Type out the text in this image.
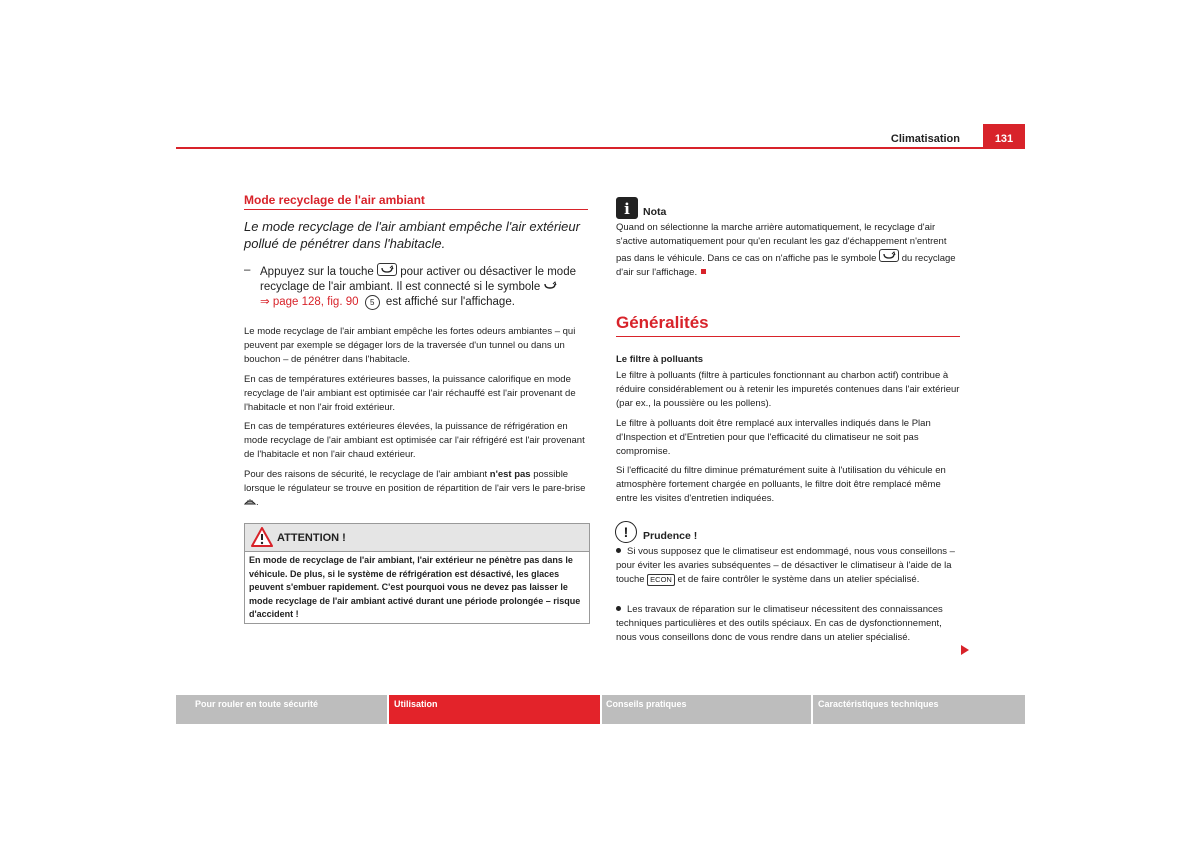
Climatisation	131
Mode recyclage de l'air ambiant
Le mode recyclage de l'air ambiant empêche l'air extérieur pollué de pénétrer dans l'habitacle.
– Appuyez sur la touche pour activer ou désactiver le mode recyclage de l'air ambiant. Il est connecté si le symbole
⇒ page 128, fig. 90 5 est affiché sur l'affichage.
Le mode recyclage de l'air ambiant empêche les fortes odeurs ambiantes – qui peuvent par exemple se dégager lors de la traversée d'un tunnel ou dans un bouchon – de pénétrer dans l'habitacle.
En cas de températures extérieures basses, la puissance calorifique en mode recyclage de l'air ambiant est optimisée car l'air réchauffé est l'air provenant de l'habitacle et non l'air froid extérieur.
En cas de températures extérieures élevées, la puissance de réfrigération en mode recyclage de l'air ambiant est optimisée car l'air réfrigéré est l'air provenant de l'habitacle et non l'air chaud extérieur.
Pour des raisons de sécurité, le recyclage de l'air ambiant n'est pas possible lorsque le régulateur se trouve en position de répartition de l'air vers le pare-brise .
ATTENTION !
En mode de recyclage de l'air ambiant, l'air extérieur ne pénètre pas dans le véhicule. De plus, si le système de réfrigération est désactivé, les glaces peuvent s'embuer rapidement. C'est pourquoi vous ne devez pas laisser le mode recyclage de l'air ambiant activé durant une période prolongée – risque d'accident !
i Nota
Quand on sélectionne la marche arrière automatiquement, le recyclage d'air s'active automatiquement pour qu'en reculant les gaz d'échappement n'entrent pas dans le véhicule. Dans ce cas on n'affiche pas le symbole	du recyclage d'air sur l'affichage.
Généralités
Le filtre à polluants
Le filtre à polluants (filtre à particules fonctionnant au charbon actif) contribue à réduire considérablement ou à retenir les impuretés contenues dans l'air extérieur (par ex., la poussière ou les pollens).
Le filtre à polluants doit être remplacé aux intervalles indiqués dans le Plan d'Inspection et d'Entretien pour que l'efficacité du climatiseur ne soit pas compromise.
Si l'efficacité du filtre diminue prématurément suite à l'utilisation du véhicule en atmosphère fortement chargée en polluants, le filtre doit être remplacé même entre les visites d'entretien indiquées.
!	Prudence !
Si vous supposez que le climatiseur est endommagé, nous vous conseillons – pour éviter les avaries subséquentes – de désactiver le climatiseur à l'aide de la touche ECON et de faire contrôler le système dans un atelier spécialisé.
Les travaux de réparation sur le climatiseur nécessitent des connaissances techniques particulières et des outils spéciaux. En cas de dysfonctionnement, nous vous conseillons donc de vous rendre dans un atelier spécialisé.
Pour rouler en toute sécurité	Utilisation	Conseils pratiques	Caractéristiques techniques
